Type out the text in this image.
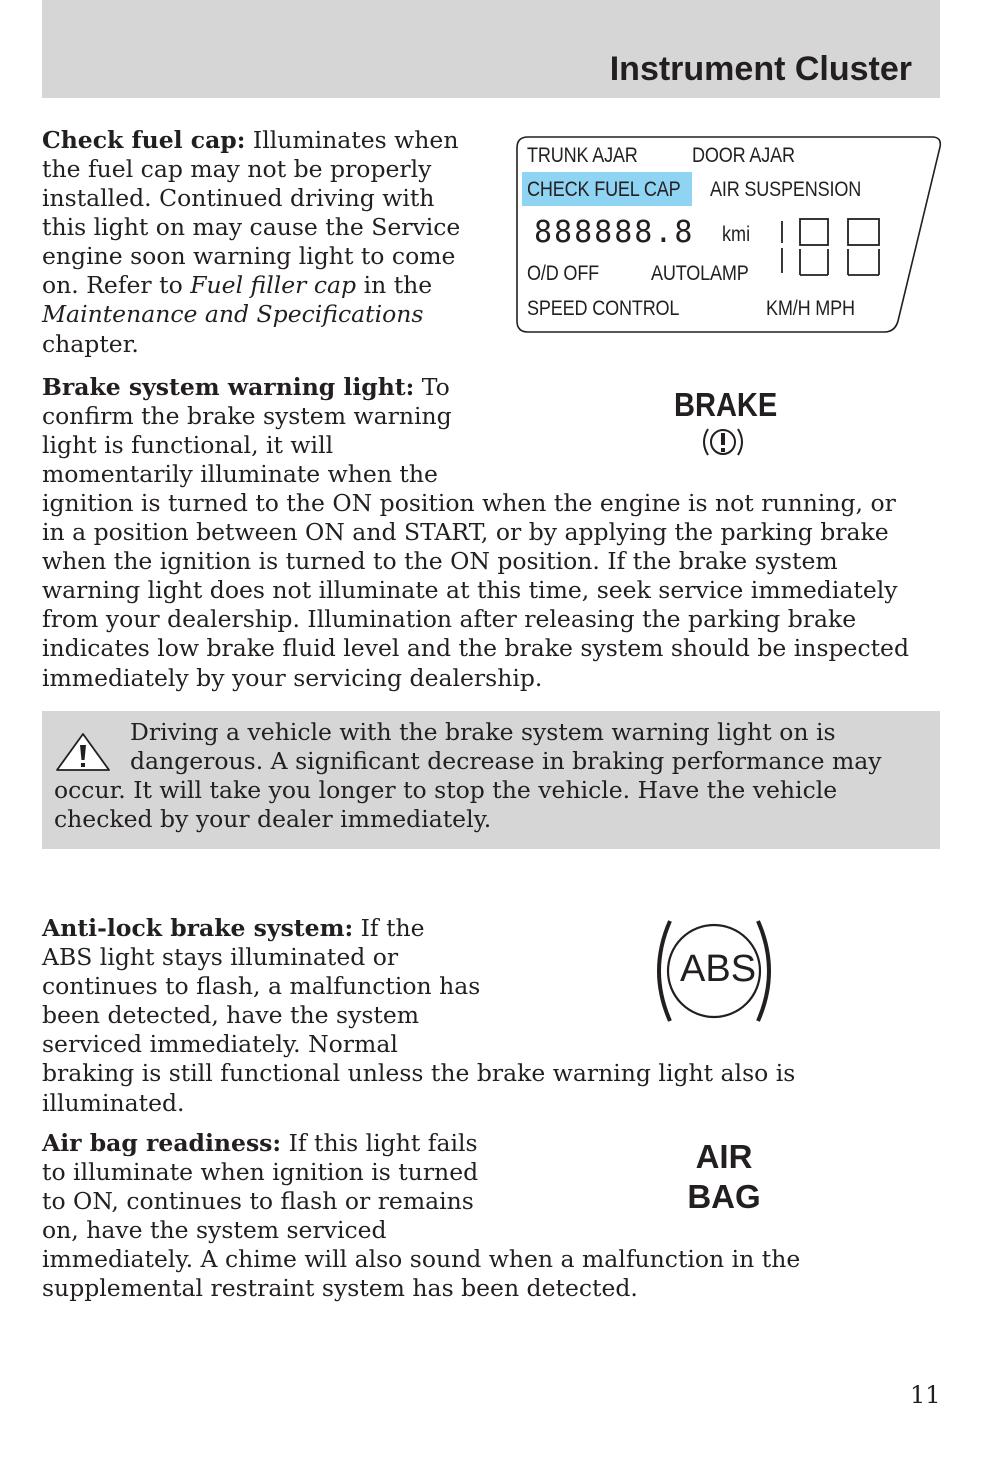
Instrument Cluster

Check fuel cap: Illuminates when

the fuel cap may not be properly

installed. Continued driving with

this light on may cause the Service

engine soon warning light to come

on. Refer to Fuel filler cap in the

Maintenance and Specifications

chapter.

TRUNK AJAR	DOOR AJAR
CHECK FUEL CAP AIR SUSPENSION
888888.8 kmi
O/D OFF AUTOLAMP
SPEED CONTROL	KM/H MPH

Brake system warning light: To

confirm the brake system warning

light is functional, it will

momentarily illuminate when the

ignition is turned to the ON position when the engine is not running, or

in a position between ON and START, or by applying the parking brake

when the ignition is turned to the ON position. If the brake system

warning light does not illuminate at this time, seek service immediately

from your dealership. Illumination after releasing the parking brake

indicates low brake fluid level and the brake system should be inspected

immediately by your servicing dealership.

BRAKE

Driving a vehicle with the brake system warning light on is

dangerous. A significant decrease in braking performance may

occur. It will take you longer to stop the vehicle. Have the vehicle

checked by your dealer immediately.

Anti-lock brake system: If the

ABS light stays illuminated or

continues to flash, a malfunction has

been detected, have the system

serviced immediately. Normal

braking is still functional unless the brake warning light also is

illuminated.

ABS

Air bag readiness: If this light fails

to illuminate when ignition is turned

to ON, continues to flash or remains

on, have the system serviced

immediately. A chime will also sound when a malfunction in the

supplemental restraint system has been detected.

AIR
BAG
11
